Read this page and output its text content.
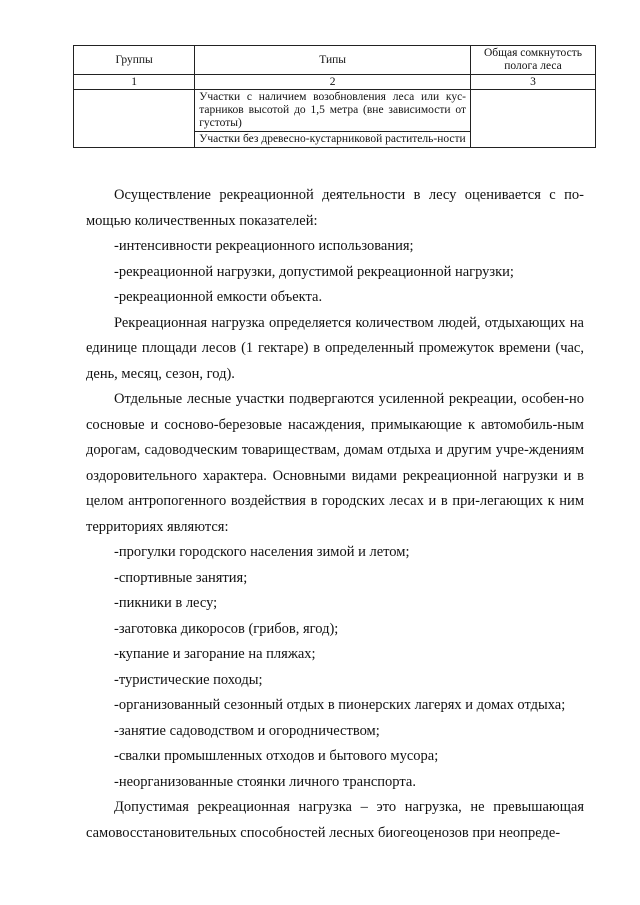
Группы	Типы	Общая сомкнутость полога леса
1	2	3
	Участки с наличием возобновления леса или кус-тарников высотой до 1,5 метра (вне зависимости от густоты)	
	Участки без древесно-кустарниковой раститель-ности	

Осуществление рекреационной деятельности в лесу оценивается с по-мощью количественных показателей:

-интенсивности рекреационного использования;

-рекреационной нагрузки, допустимой рекреационной нагрузки;

-рекреационной емкости объекта.

Рекреационная нагрузка определяется количеством людей, отдыхающих на единице площади лесов (1 гектаре) в определенный промежуток времени (час, день, месяц, сезон, год).

Отдельные лесные участки подвергаются усиленной рекреации, особен-но сосновые и сосново-березовые насаждения, примыкающие к автомобиль-ным дорогам, садоводческим товариществам, домам отдыха и другим учре-ждениям оздоровительного характера. Основными видами рекреационной нагрузки и в целом антропогенного воздействия в городских лесах и в при-легающих к ним территориях являются:

-прогулки городского населения зимой и летом;

-спортивные занятия;

-пикники в лесу;

-заготовка дикоросов (грибов, ягод);

-купание и загорание на пляжах;

-туристические походы;

-организованный сезонный отдых в пионерских лагерях и домах отдыха;

-занятие садоводством и огородничеством;

-свалки промышленных отходов и бытового мусора;

-неорганизованные стоянки личного транспорта.

Допустимая рекреационная нагрузка – это нагрузка, не превышающая самовосстановительных способностей лесных биогеоценозов при неопреде-
